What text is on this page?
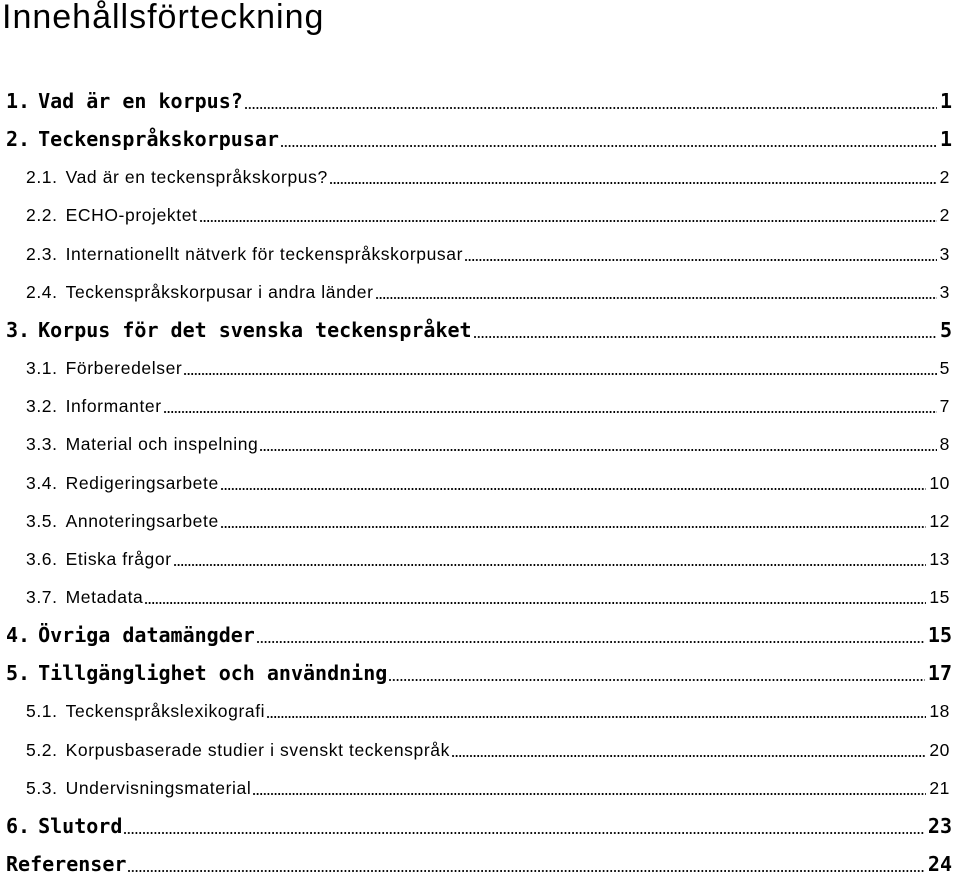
Innehållsförteckning
1. Vad är en korpus?	1
2. Teckenspråkskorpusar	1
2.1. Vad är en teckenspråkskorpus?	2
2.2. ECHO-projektet	2
2.3. Internationellt nätverk för teckenspråkskorpusar	3
2.4. Teckenspråkskorpusar i andra länder	3
3. Korpus för det svenska teckenspråket	5
3.1. Förberedelser	5
3.2. Informanter	7
3.3. Material och inspelning	8
3.4. Redigeringsarbete	10
3.5. Annoteringsarbete	12
3.6. Etiska frågor	13
3.7. Metadata	15
4. Övriga datamängder	15
5. Tillgänglighet och användning	17
5.1. Teckenspråkslexikografi	18
5.2. Korpusbaserade studier i svenskt teckenspråk	20
5.3. Undervisningsmaterial	21
6. Slutord	23
Referenser	24
